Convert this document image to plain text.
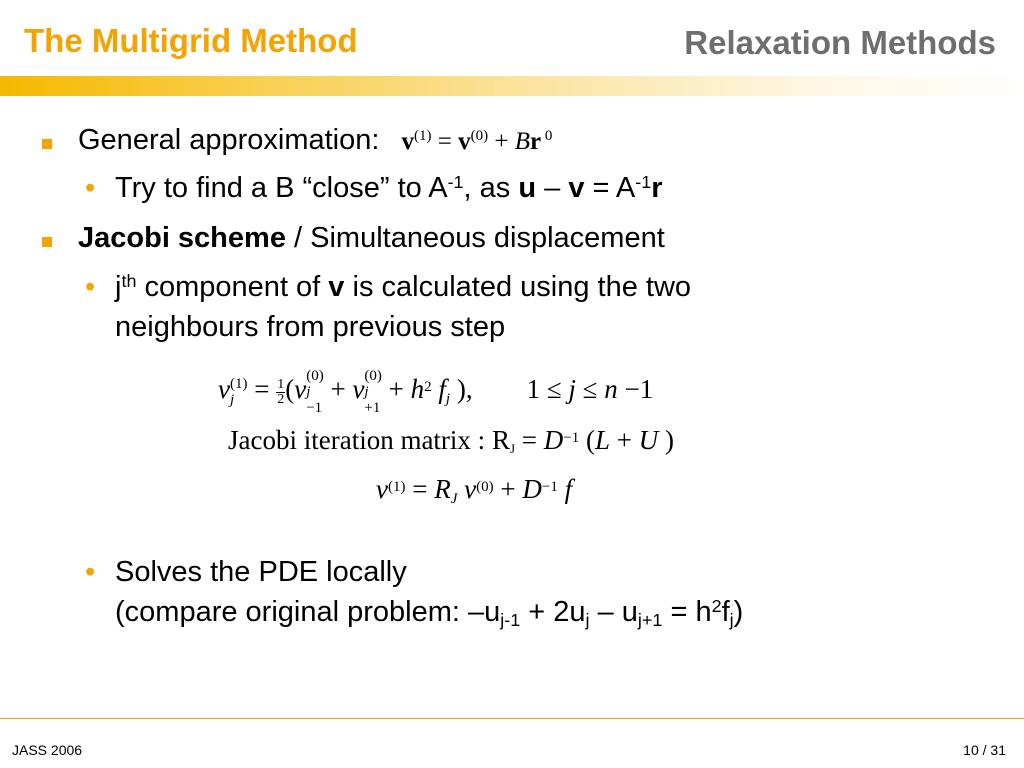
The Multigrid Method	Relaxation Methods
General approximation: $v^{(1)} = v^{(0)} + Br$ $^0$
• Try to find a B “close” to $A^{-1}$, as $u - v = A^{-1}r$
Jacobi scheme / Simultaneous displacement
• $j^{th}$ component of v is calculated using the two
neighbours from previous step
v (1)
$j = \frac{1}{2} (v$ (0)
j
−1
+ v (0)
j
+1
+ $h^2$ $f_j$ ),        1 ≤ j ≤ n −1
Jacobi iteration matrix : $R_J = D^{-1}$ (L + U )
$v^{(1)} = R_J$ $v^{(0)} + D^{-1}$ f
• Solves the PDE locally
(compare original problem: $-u_{j-1} + 2u_j - u_{j+1} = h^2f_j$)
JASS 2006	10 / 31
